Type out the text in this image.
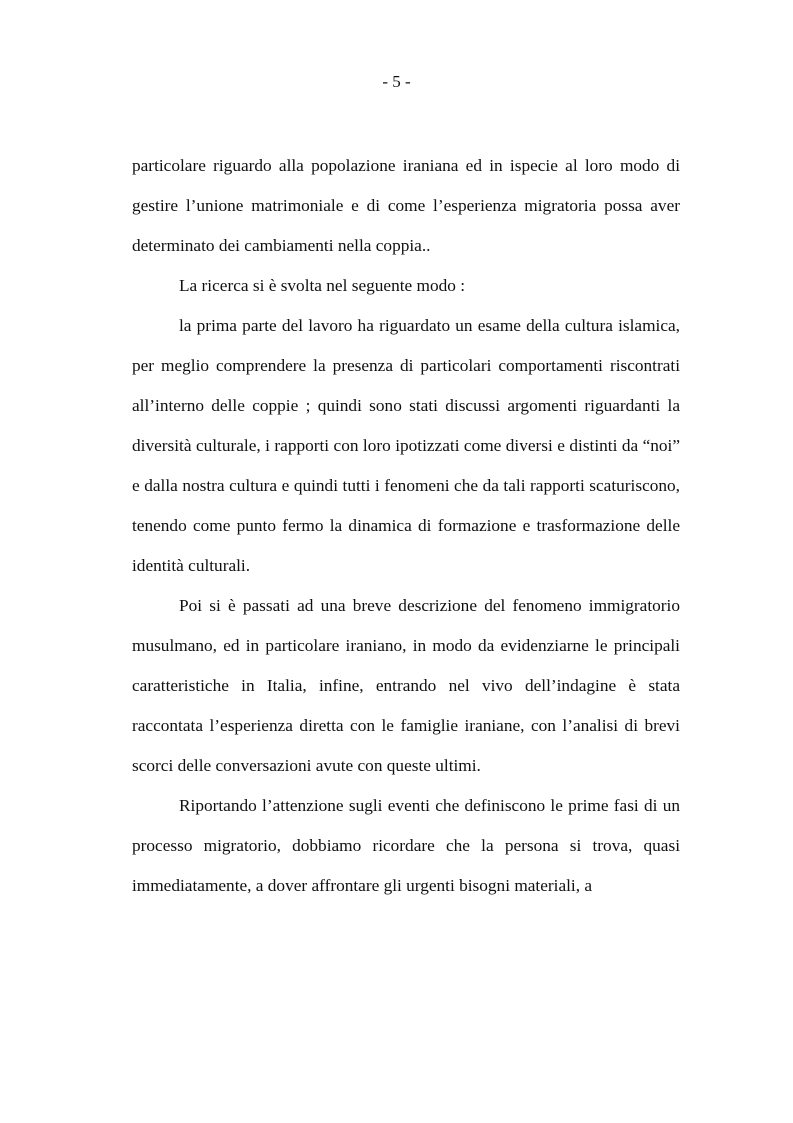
- 5 -

particolare riguardo alla popolazione iraniana ed in ispecie al loro modo di gestire l’unione matrimoniale e di come l’esperienza migratoria possa aver determinato dei cambiamenti nella coppia..

La ricerca si è svolta nel seguente modo :

la prima parte del lavoro ha riguardato un esame della cultura islamica, per meglio comprendere la presenza di particolari comportamenti riscontrati all’interno delle coppie ; quindi sono stati discussi argomenti riguardanti la diversità culturale, i rapporti con loro ipotizzati come diversi e distinti da “noi” e dalla nostra cultura e quindi tutti i fenomeni che da tali rapporti scaturiscono, tenendo come punto fermo la dinamica di formazione e trasformazione delle identità culturali.

Poi si è passati ad una breve descrizione del fenomeno immigratorio musulmano, ed in particolare iraniano, in modo da evidenziarne le principali caratteristiche in Italia, infine, entrando nel vivo dell’indagine è stata raccontata l’esperienza diretta con le famiglie iraniane, con l’analisi di brevi scorci delle conversazioni avute con queste ultimi.

Riportando l’attenzione sugli eventi che definiscono le prime fasi di un processo migratorio, dobbiamo ricordare che la persona si trova, quasi immediatamente, a dover affrontare gli urgenti bisogni materiali, a
